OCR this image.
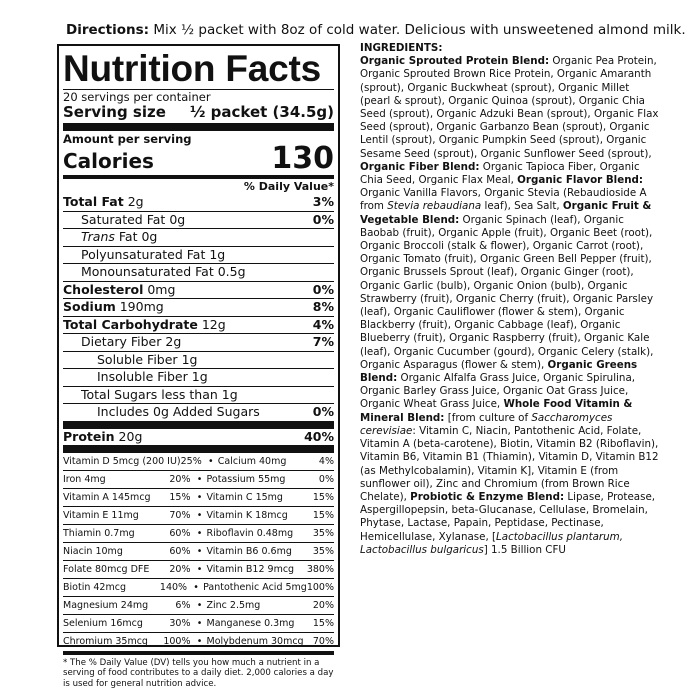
Directions: Mix ½ packet with 8oz of cold water. Delicious with unsweetened almond milk.
Nutrition Facts
20 servings per container
Serving size ½ packet (34.5g)
Amount per serving
Calories	130
% Daily Value*
Total Fat 2g	3%
Saturated Fat 0g	0%
Trans Fat 0g
Polyunsaturated Fat 1g
Monounsaturated Fat 0.5g
Cholesterol 0mg	0%
Sodium 190mg	8%
Total Carbohydrate 12g	4%
Dietary Fiber 2g	7%
Soluble Fiber 1g
Insoluble Fiber 1g
Total Sugars less than 1g
Includes 0g Added Sugars	0%
Protein 20g	40%
Vitamin D 5mcg (200 IU) 25% • Calcium 40mg	4%
Iron 4mg	20% • Potassium 55mg	0%
Vitamin A 145mcg 15% • Vitamin C 15mg	15%
Vitamin E 11mg	70% • Vitamin K 18mcg	15%
Thiamin 0.7mg	60% • Riboflavin 0.48mg 35%
Niacin 10mg	60% • Vitamin B6 0.6mg 35%
Folate 80mcg DFE 20% • Vitamin B12 9mcg 380%
Biotin 42mcg	140% • Pantothenic Acid 5mg 100%
Magnesium 24mg	6% • Zinc 2.5mg	20%
Selenium 16mcg	30% • Manganese 0.3mg 15%
Chromium 35mcg 100% • Molybdenum 30mcg 70%
* The % Daily Value (DV) tells you how much a nutrient in a serving of food contributes to a daily diet. 2,000 calories a day is used for general nutrition advice.
INGREDIENTS:
Organic Sprouted Protein Blend: Organic Pea Protein, Organic Sprouted Brown Rice Protein, Organic Amaranth (sprout), Organic Buckwheat (sprout), Organic Millet (pearl & sprout), Organic Quinoa (sprout), Organic Chia Seed (sprout), Organic Adzuki Bean (sprout), Organic Flax Seed (sprout), Organic Garbanzo Bean (sprout), Organic Lentil (sprout), Organic Pumpkin Seed (sprout), Organic Sesame Seed (sprout), Organic Sunflower Seed (sprout), Organic Fiber Blend: Organic Tapioca Fiber, Organic Chia Seed, Organic Flax Meal, Organic Flavor Blend: Organic Vanilla Flavors, Organic Stevia (Rebaudioside A from Stevia rebaudiana leaf), Sea Salt, Organic Fruit & Vegetable Blend: Organic Spinach (leaf), Organic Baobab (fruit), Organic Apple (fruit), Organic Beet (root), Organic Broccoli (stalk & flower), Organic Carrot (root), Organic Tomato (fruit), Organic Green Bell Pepper (fruit), Organic Brussels Sprout (leaf), Organic Ginger (root), Organic Garlic (bulb), Organic Onion (bulb), Organic Strawberry (fruit), Organic Cherry (fruit), Organic Parsley (leaf), Organic Cauliflower (flower & stem), Organic Blackberry (fruit), Organic Cabbage (leaf), Organic Blueberry (fruit), Organic Raspberry (fruit), Organic Kale (leaf), Organic Cucumber (gourd), Organic Celery (stalk), Organic Asparagus (flower & stem), Organic Greens Blend: Organic Alfalfa Grass Juice, Organic Spirulina, Organic Barley Grass Juice, Organic Oat Grass Juice, Organic Wheat Grass Juice, Whole Food Vitamin & Mineral Blend: [from culture of Saccharomyces cerevisiae: Vitamin C, Niacin, Pantothenic Acid, Folate, Vitamin A (beta-carotene), Biotin, Vitamin B2 (Riboflavin), Vitamin B6, Vitamin B1 (Thiamin), Vitamin D, Vitamin B12 (as Methylcobalamin), Vitamin K], Vitamin E (from sunflower oil), Zinc and Chromium (from Brown Rice Chelate), Probiotic & Enzyme Blend: Lipase, Protease, Aspergillopepsin, beta-Glucanase, Cellulase, Bromelain, Phytase, Lactase, Papain, Peptidase, Pectinase, Hemicellulase, Xylanase, [Lactobacillus plantarum, Lactobacillus bulgaricus] 1.5 Billion CFU
